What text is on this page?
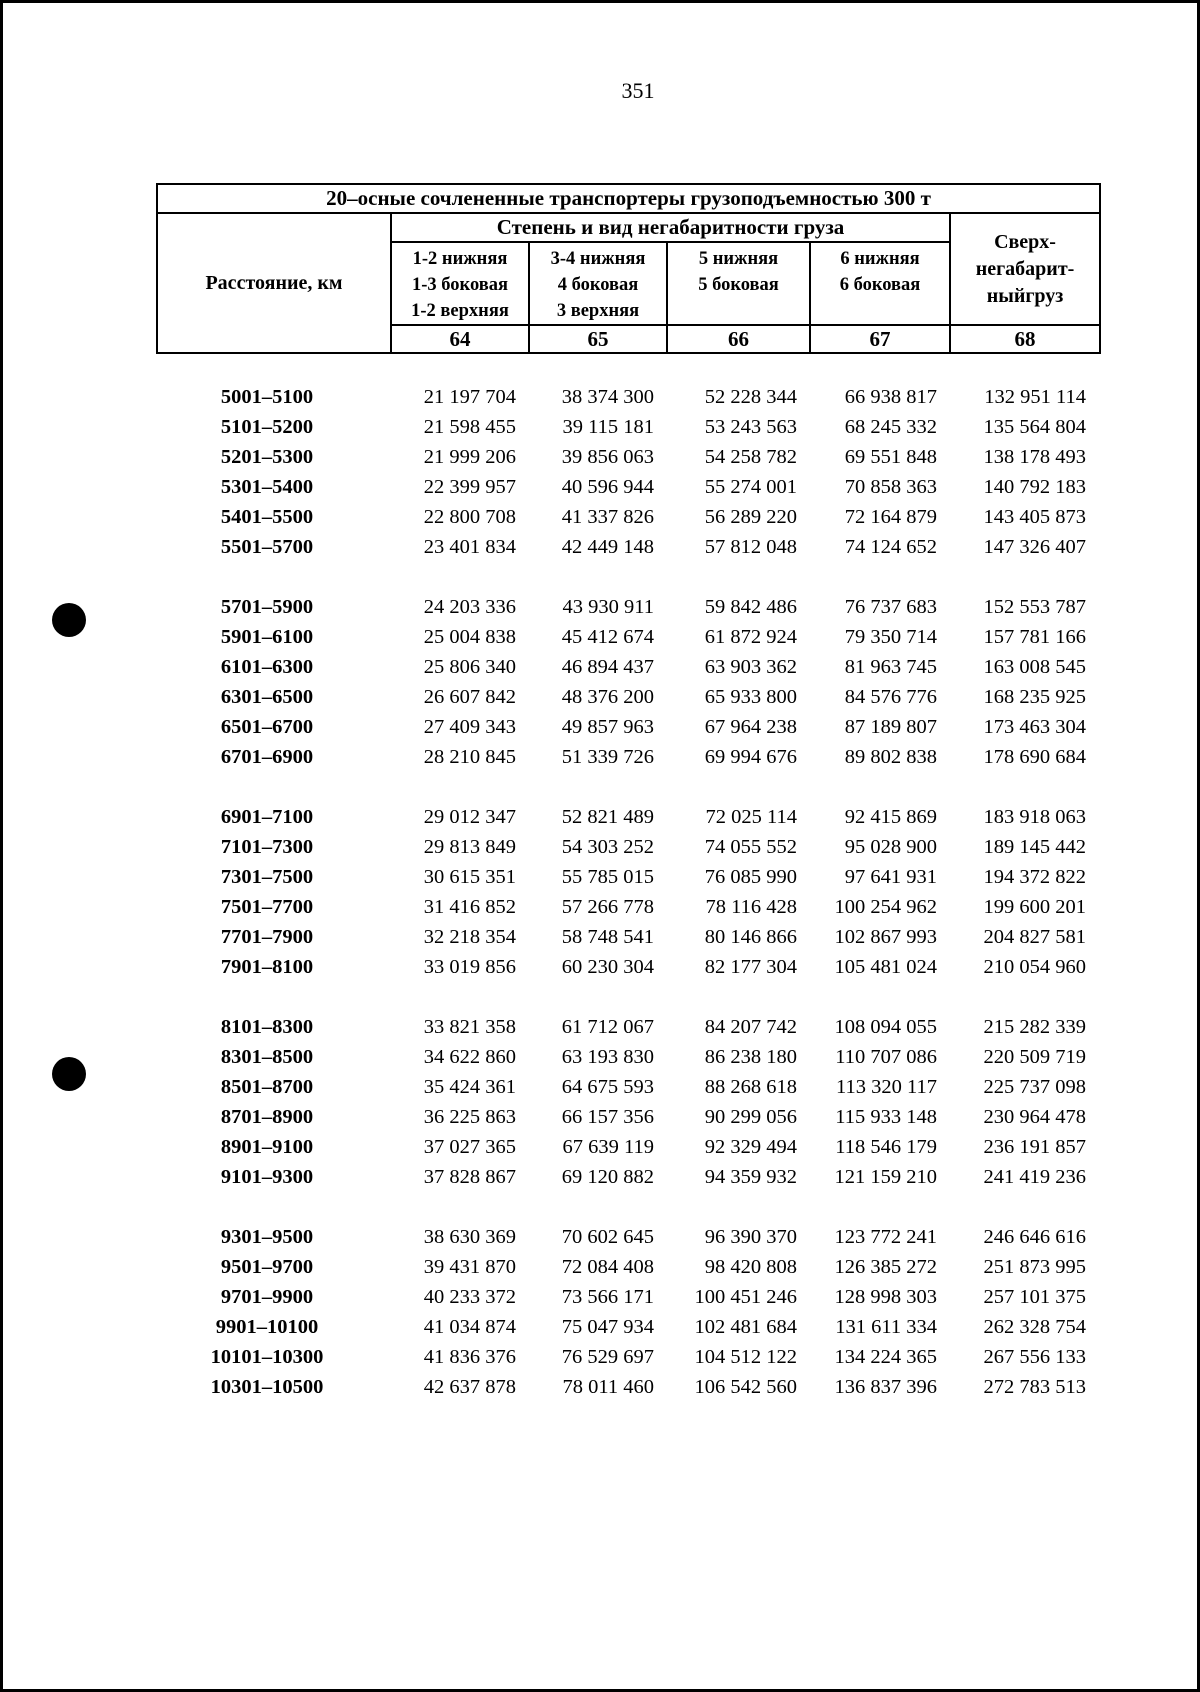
351
20–осные сочлененные транспортеры грузоподъемностью 300 т					
Расстояние, км	Степень и вид негабаритности груза				Сверх-
негабарит-
ныйгруз

	1-2 нижняя
1-3 боковая
1-2 верхняя	3-4 нижняя
4 боковая
3 верхняя	5 нижняя
5 боковая	6 нижняя
6 боковая	

	64	65	66	67	68
5001–5100	21 197 704	38 374 300	52 228 344	66 938 817	132 951 114
5101–5200	21 598 455	39 115 181	53 243 563	68 245 332	135 564 804
5201–5300	21 999 206	39 856 063	54 258 782	69 551 848	138 178 493
5301–5400	22 399 957	40 596 944	55 274 001	70 858 363	140 792 183
5401–5500	22 800 708	41 337 826	56 289 220	72 164 879	143 405 873
5501–5700	23 401 834	42 449 148	57 812 048	74 124 652	147 326 407
5701–5900	24 203 336	43 930 911	59 842 486	76 737 683	152 553 787
5901–6100	25 004 838	45 412 674	61 872 924	79 350 714	157 781 166
6101–6300	25 806 340	46 894 437	63 903 362	81 963 745	163 008 545
6301–6500	26 607 842	48 376 200	65 933 800	84 576 776	168 235 925
6501–6700	27 409 343	49 857 963	67 964 238	87 189 807	173 463 304
6701–6900	28 210 845	51 339 726	69 994 676	89 802 838	178 690 684
6901–7100	29 012 347	52 821 489	72 025 114	92 415 869	183 918 063
7101–7300	29 813 849	54 303 252	74 055 552	95 028 900	189 145 442
7301–7500	30 615 351	55 785 015	76 085 990	97 641 931	194 372 822
7501–7700	31 416 852	57 266 778	78 116 428	100 254 962	199 600 201
7701–7900	32 218 354	58 748 541	80 146 866	102 867 993	204 827 581
7901–8100	33 019 856	60 230 304	82 177 304	105 481 024	210 054 960
8101–8300	33 821 358	61 712 067	84 207 742	108 094 055	215 282 339
8301–8500	34 622 860	63 193 830	86 238 180	110 707 086	220 509 719
8501–8700	35 424 361	64 675 593	88 268 618	113 320 117	225 737 098
8701–8900	36 225 863	66 157 356	90 299 056	115 933 148	230 964 478
8901–9100	37 027 365	67 639 119	92 329 494	118 546 179	236 191 857
9101–9300	37 828 867	69 120 882	94 359 932	121 159 210	241 419 236
9301–9500	38 630 369	70 602 645	96 390 370	123 772 241	246 646 616
9501–9700	39 431 870	72 084 408	98 420 808	126 385 272	251 873 995
9701–9900	40 233 372	73 566 171	100 451 246	128 998 303	257 101 375
9901–10100	41 034 874	75 047 934	102 481 684	131 611 334	262 328 754
10101–10300	41 836 376	76 529 697	104 512 122	134 224 365	267 556 133
10301–10500	42 637 878	78 011 460	106 542 560	136 837 396	272 783 513
